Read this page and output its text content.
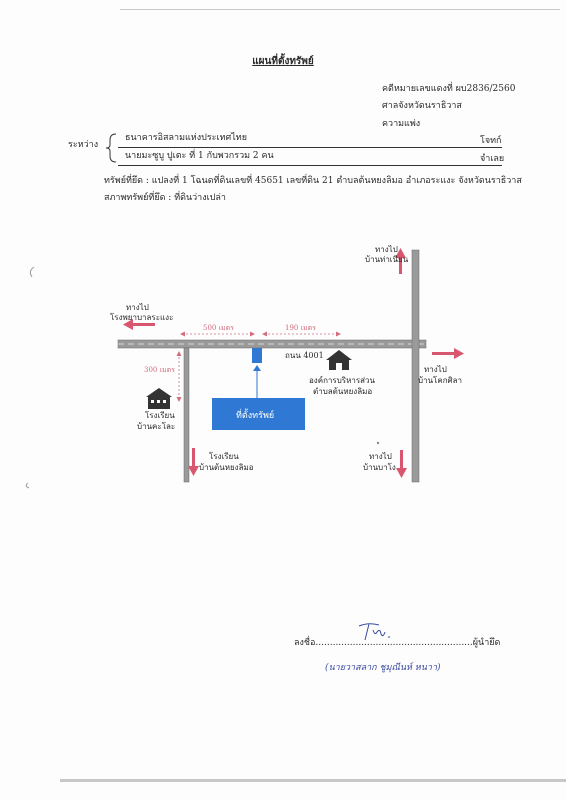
แผนที่ตั้งทรัพย์
คดีหมายเลขแดงที่ ผบ2836/2560
ศาลจังหวัดนราธิวาส
ความแพ่ง
ระหว่าง
ธนาคารอิสลามแห่งประเทศไทย	โจทก์
นายมะซูบู ปูเตะ ที่ 1 กับพวกรวม 2 คน	จำเลย
ทรัพย์ที่ยึด : แปลงที่ 1 โฉนดที่ดินเลขที่ 45651 เลขที่ดิน 21 ตำบลต้นหยงลิมอ อำเภอระแงะ จังหวัดนราธิวาส
สภาพทรัพย์ที่ยึด : ที่ดินว่างเปล่า
500 เมตร	190 เมตร
300 เมตร
ที่ตั้งทรัพย์
ทางไป
บ้านท่าเนียน
ทางไป
โรงพยาบาลระแงะ
ถนน 4001
ทางไป
บ้านโคกศิลา
องค์การบริหารส่วน
ตำบลต้นหยงลิมอ
โรงเรียน
บ้านคะโละ
โรงเรียน
บ้านต้นหยงลิมอ
ทางไป
บ้านบาโง
ลงชื่อ.......................................................ผู้นำยึด
(นายวาสลาก ชูมุณีนห์ หนาา)
